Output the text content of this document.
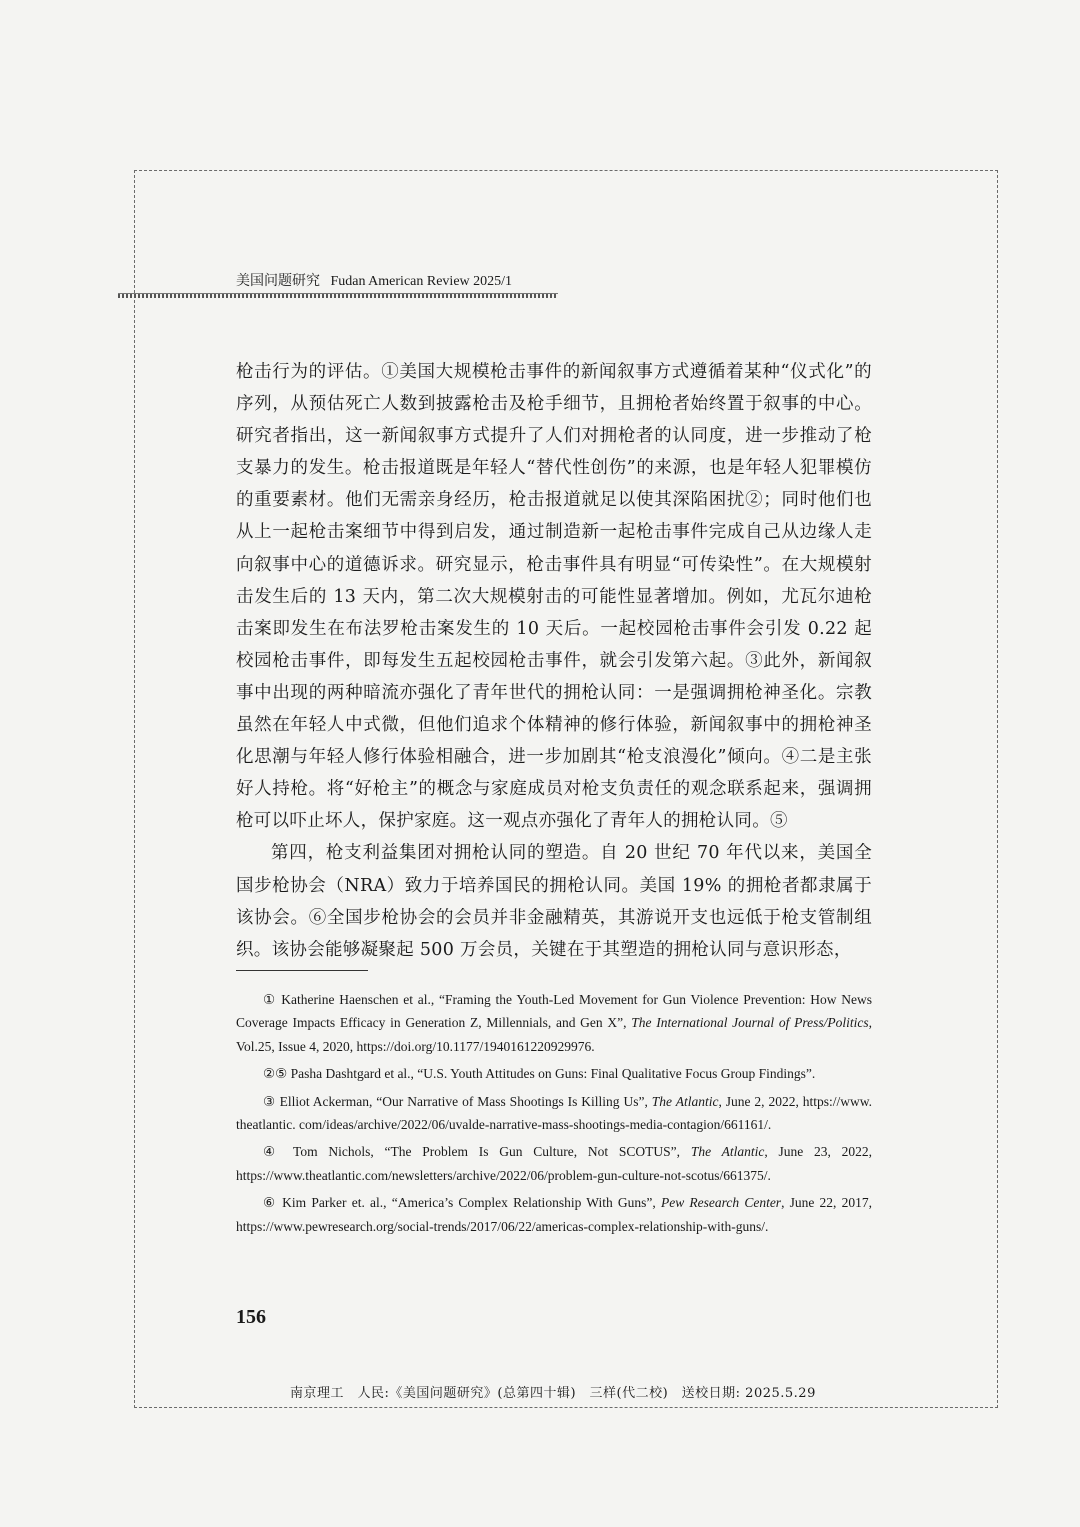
美国问题研究 Fudan American Review 2025/1

枪击行为的评估。①美国大规模枪击事件的新闻叙事方式遵循着某种“仪式化”的序列，从预估死亡人数到披露枪击及枪手细节，且拥枪者始终置于叙事的中心。研究者指出，这一新闻叙事方式提升了人们对拥枪者的认同度，进一步推动了枪支暴力的发生。枪击报道既是年轻人“替代性创伤”的来源，也是年轻人犯罪模仿的重要素材。他们无需亲身经历，枪击报道就足以使其深陷困扰②；同时他们也从上一起枪击案细节中得到启发，通过制造新一起枪击事件完成自己从边缘人走向叙事中心的道德诉求。研究显示，枪击事件具有明显“可传染性”。在大规模射击发生后的 13 天内，第二次大规模射击的可能性显著增加。例如，尤瓦尔迪枪击案即发生在布法罗枪击案发生的 10 天后。一起校园枪击事件会引发 0.22 起校园枪击事件，即每发生五起校园枪击事件，就会引发第六起。③此外，新闻叙事中出现的两种暗流亦强化了青年世代的拥枪认同：一是强调拥枪神圣化。宗教虽然在年轻人中式微，但他们追求个体精神的修行体验，新闻叙事中的拥枪神圣化思潮与年轻人修行体验相融合，进一步加剧其“枪支浪漫化”倾向。④二是主张好人持枪。将“好枪主”的概念与家庭成员对枪支负责任的观念联系起来，强调拥枪可以吓止坏人，保护家庭。这一观点亦强化了青年人的拥枪认同。⑤

第四，枪支利益集团对拥枪认同的塑造。自 20 世纪 70 年代以来，美国全国步枪协会（NRA）致力于培养国民的拥枪认同。美国 19% 的拥枪者都隶属于该协会。⑥全国步枪协会的会员并非金融精英，其游说开支也远低于枪支管制组织。该协会能够凝聚起 500 万会员，关键在于其塑造的拥枪认同与意识形态，

① Katherine Haenschen et al., “Framing the Youth-Led Movement for Gun Violence Prevention: How News Coverage Impacts Efficacy in Generation Z, Millennials, and Gen X”, The International Journal of Press/Politics, Vol.25, Issue 4, 2020, https://doi.org/10.1177/1940161220929976.

②⑤ Pasha Dashtgard et al., “U.S. Youth Attitudes on Guns: Final Qualitative Focus Group Findings”.

③ Elliot Ackerman, “Our Narrative of Mass Shootings Is Killing Us”, The Atlantic, June 2, 2022, https://www. theatlantic. com/ideas/archive/2022/06/uvalde-narrative-mass-shootings-media-contagion/661161/.

④ Tom Nichols, “The Problem Is Gun Culture, Not SCOTUS”, The Atlantic, June 23, 2022, https://www.theatlantic.com/newsletters/archive/2022/06/problem-gun-culture-not-scotus/661375/.

⑥ Kim Parker et. al., “America’s Complex Relationship With Guns”, Pew Research Center, June 22, 2017, https://www.pewresearch.org/social-trends/2017/06/22/americas-complex-relationship-with-guns/.

156
南京理工　人民:《美国问题研究》(总第四十辑)　三样(代二校)　送校日期: 2025.5.29
